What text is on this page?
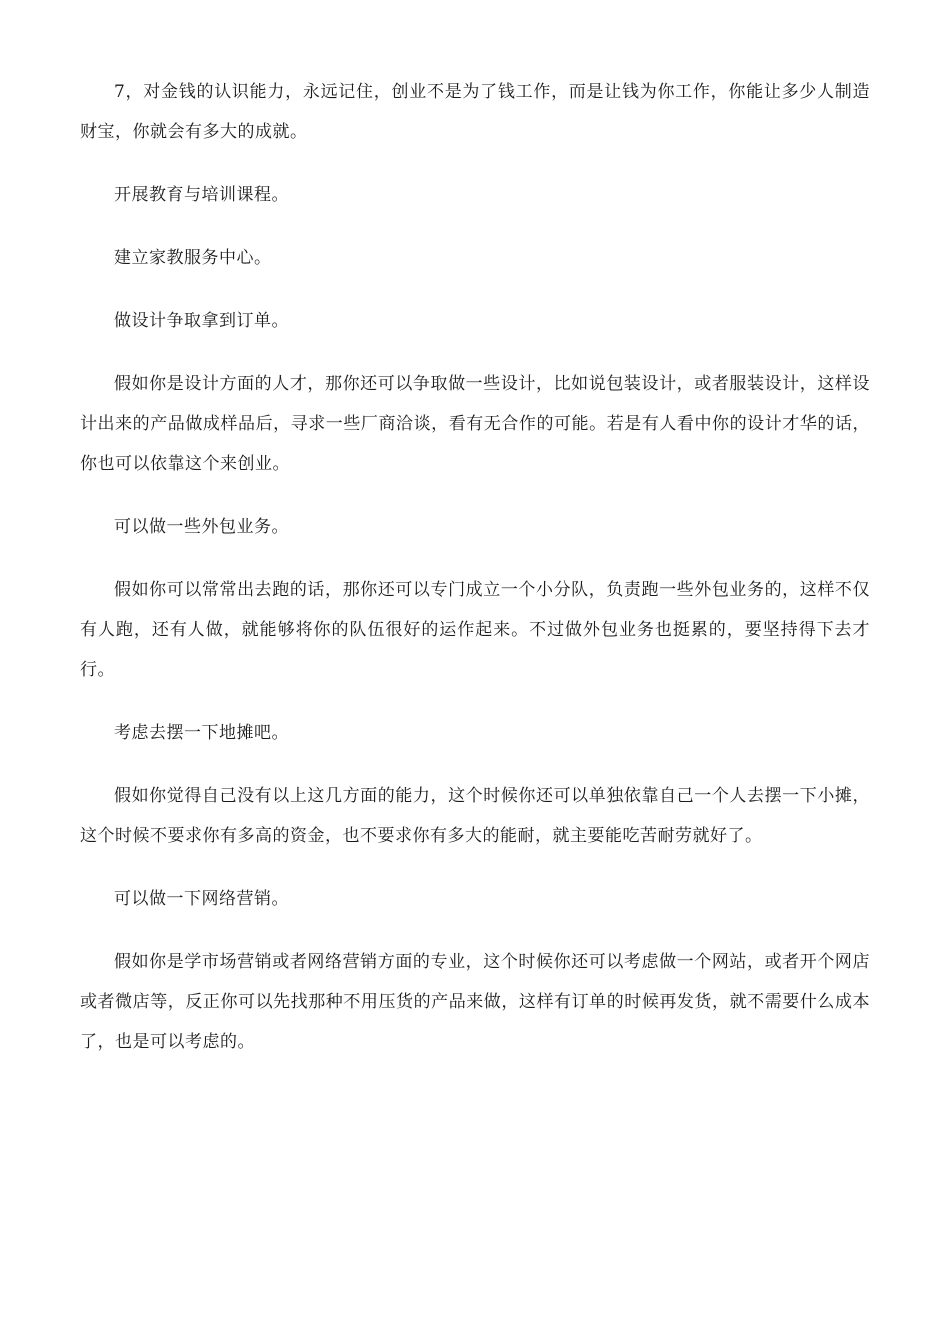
7，对金钱的认识能力，永远记住，创业不是为了钱工作，而是让钱为你工作，你能让多少人制造财宝，你就会有多大的成就。

开展教育与培训课程。

建立家教服务中心。

做设计争取拿到订单。

假如你是设计方面的人才，那你还可以争取做一些设计，比如说包装设计，或者服装设计，这样设计出来的产品做成样品后，寻求一些厂商洽谈，看有无合作的可能。若是有人看中你的设计才华的话，你也可以依靠这个来创业。

可以做一些外包业务。

假如你可以常常出去跑的话，那你还可以专门成立一个小分队，负责跑一些外包业务的，这样不仅有人跑，还有人做，就能够将你的队伍很好的运作起来。不过做外包业务也挺累的，要坚持得下去才行。

考虑去摆一下地摊吧。

假如你觉得自己没有以上这几方面的能力，这个时候你还可以单独依靠自己一个人去摆一下小摊，这个时候不要求你有多高的资金，也不要求你有多大的能耐，就主要能吃苦耐劳就好了。

可以做一下网络营销。

假如你是学市场营销或者网络营销方面的专业，这个时候你还可以考虑做一个网站，或者开个网店或者微店等，反正你可以先找那种不用压货的产品来做，这样有订单的时候再发货，就不需要什么成本了，也是可以考虑的。
